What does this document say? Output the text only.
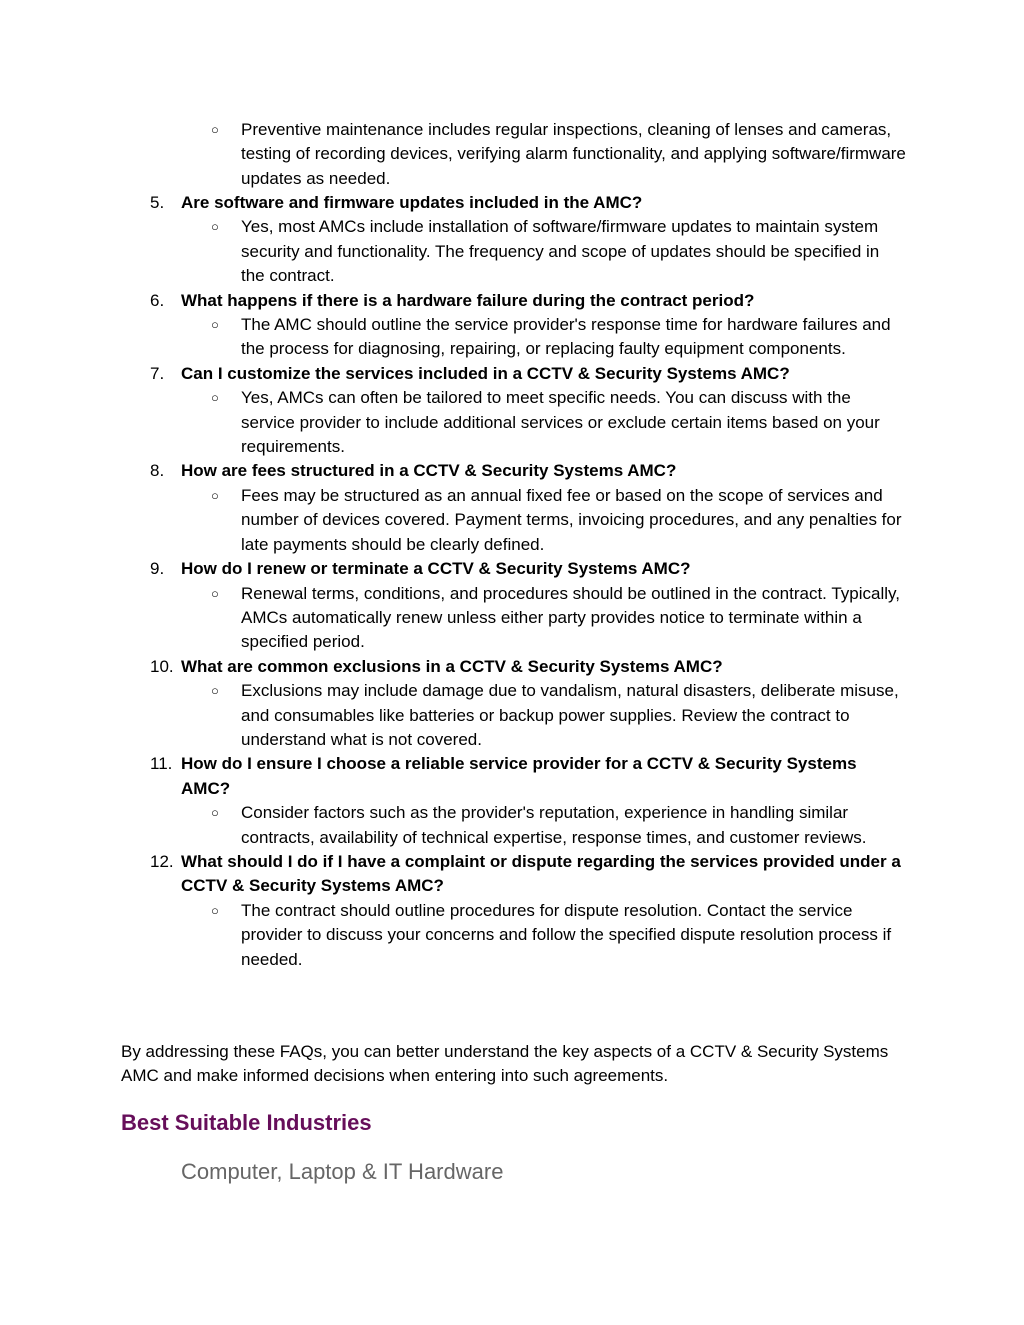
○ Preventive maintenance includes regular inspections, cleaning of lenses and cameras, testing of recording devices, verifying alarm functionality, and applying software/firmware updates as needed.
5. Are software and firmware updates included in the AMC?
○ Yes, most AMCs include installation of software/firmware updates to maintain system security and functionality. The frequency and scope of updates should be specified in the contract.
6. What happens if there is a hardware failure during the contract period?
○ The AMC should outline the service provider's response time for hardware failures and the process for diagnosing, repairing, or replacing faulty equipment components.
7. Can I customize the services included in a CCTV & Security Systems AMC?
○ Yes, AMCs can often be tailored to meet specific needs. You can discuss with the service provider to include additional services or exclude certain items based on your requirements.
8. How are fees structured in a CCTV & Security Systems AMC?
○ Fees may be structured as an annual fixed fee or based on the scope of services and number of devices covered. Payment terms, invoicing procedures, and any penalties for late payments should be clearly defined.
9. How do I renew or terminate a CCTV & Security Systems AMC?
○ Renewal terms, conditions, and procedures should be outlined in the contract. Typically, AMCs automatically renew unless either party provides notice to terminate within a specified period.
10. What are common exclusions in a CCTV & Security Systems AMC?
○ Exclusions may include damage due to vandalism, natural disasters, deliberate misuse, and consumables like batteries or backup power supplies. Review the contract to understand what is not covered.
11. How do I ensure I choose a reliable service provider for a CCTV & Security Systems AMC?
○ Consider factors such as the provider's reputation, experience in handling similar contracts, availability of technical expertise, response times, and customer reviews.
12. What should I do if I have a complaint or dispute regarding the services provided under a CCTV & Security Systems AMC?
○ The contract should outline procedures for dispute resolution. Contact the service provider to discuss your concerns and follow the specified dispute resolution process if needed.

By addressing these FAQs, you can better understand the key aspects of a CCTV & Security Systems AMC and make informed decisions when entering into such agreements.

Best Suitable Industries

Computer, Laptop & IT Hardware
